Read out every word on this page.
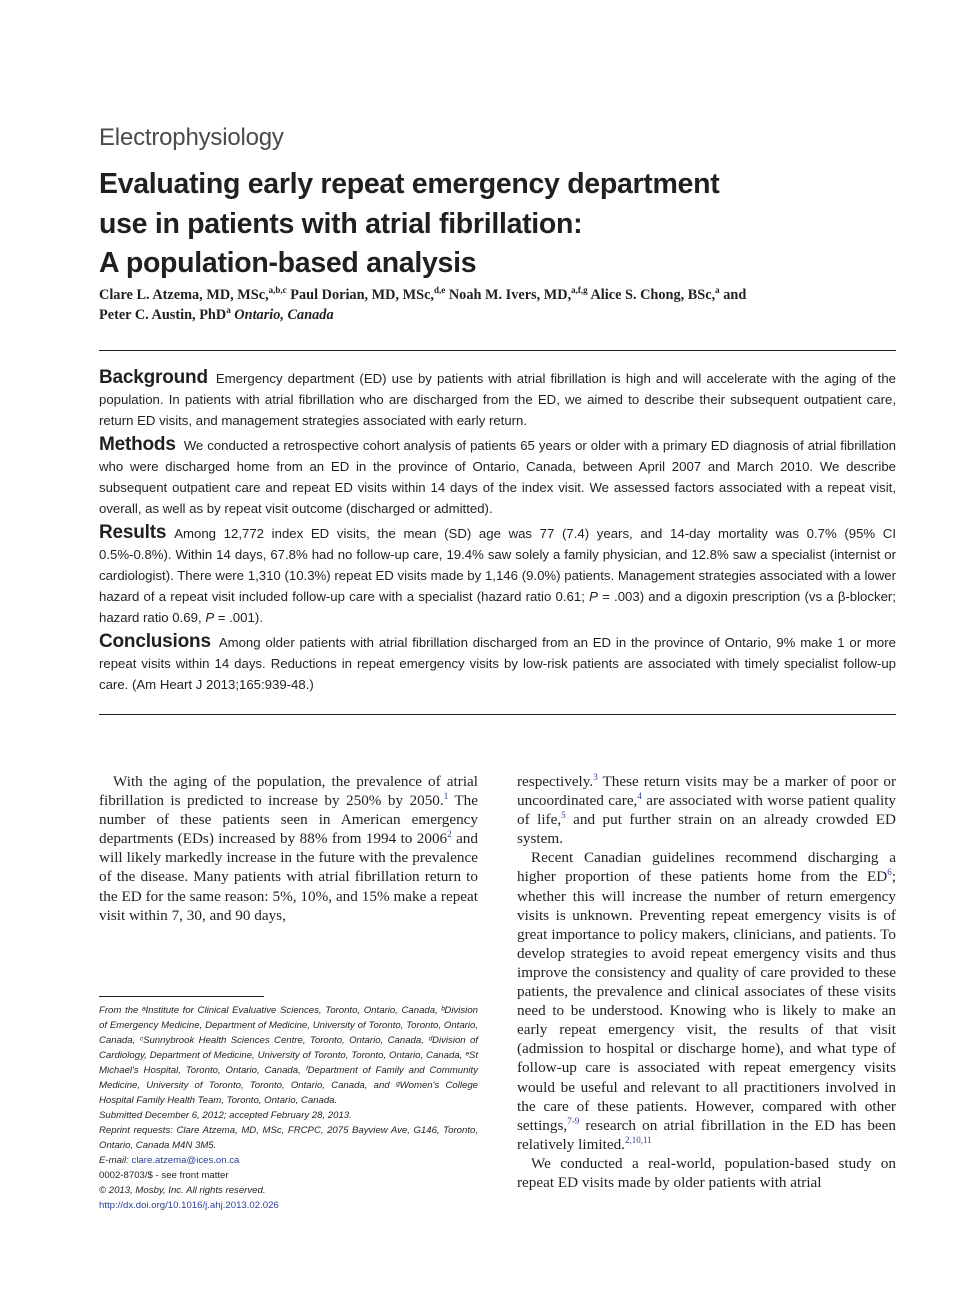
Electrophysiology
Evaluating early repeat emergency department
use in patients with atrial fibrillation:
A population-based analysis
Clare L. Atzema, MD, MSc,$^{a,b,c}$ Paul Dorian, MD, MSc,$^{d,e}$ Noah M. Ivers, MD,$^{a,f,g}$ Alice S. Chong, BSc,$^a$ and
Peter C. Austin, PhD$^a$ Ontario, Canada

Background Emergency department (ED) use by patients with atrial fibrillation is high and will accelerate with the aging of the population. In patients with atrial fibrillation who are discharged from the ED, we aimed to describe their subsequent outpatient care, return ED visits, and management strategies associated with early return.

Methods We conducted a retrospective cohort analysis of patients 65 years or older with a primary ED diagnosis of atrial fibrillation who were discharged home from an ED in the province of Ontario, Canada, between April 2007 and March 2010. We describe subsequent outpatient care and repeat ED visits within 14 days of the index visit. We assessed factors associated with a repeat visit, overall, as well as by repeat visit outcome (discharged or admitted).

Results Among 12,772 index ED visits, the mean (SD) age was 77 (7.4) years, and 14-day mortality was 0.7% (95% CI 0.5%-0.8%). Within 14 days, 67.8% had no follow-up care, 19.4% saw solely a family physician, and 12.8% saw a specialist (internist or cardiologist). There were 1,310 (10.3%) repeat ED visits made by 1,146 (9.0%) patients. Management strategies associated with a lower hazard of a repeat visit included follow-up care with a specialist (hazard ratio 0.61; P = .003) and a digoxin prescription (vs a β-blocker; hazard ratio 0.69, P = .001).

Conclusions Among older patients with atrial fibrillation discharged from an ED in the province of Ontario, 9% make 1 or more repeat visits within 14 days. Reductions in repeat emergency visits by low-risk patients are associated with timely specialist follow-up care. (Am Heart J 2013;165:939-48.)

With the aging of the population, the prevalence of atrial fibrillation is predicted to increase by 250% by 2050.$^1$ The number of these patients seen in American emergency departments (EDs) increased by 88% from 1994 to 2006$^2$ and will likely markedly increase in the future with the prevalence of the disease. Many patients with atrial fibrillation return to the ED for the same reason: 5%, 10%, and 15% make a repeat visit within 7, 30, and 90 days,

From the ᵃInstitute for Clinical Evaluative Sciences, Toronto, Ontario, Canada, ᵇDivision of Emergency Medicine, Department of Medicine, University of Toronto, Toronto, Ontario, Canada, ᶜSunnybrook Health Sciences Centre, Toronto, Ontario, Canada, ᵈDivision of Cardiology, Department of Medicine, University of Toronto, Toronto, Ontario, Canada, ᵉSt Michael's Hospital, Toronto, Ontario, Canada, ᶠDepartment of Family and Community Medicine, University of Toronto, Toronto, Ontario, Canada, and ᵍWomen's College Hospital Family Health Team, Toronto, Ontario, Canada.

Submitted December 6, 2012; accepted February 28, 2013.

Reprint requests: Clare Atzema, MD, MSc, FRCPC, 2075 Bayview Ave, G146, Toronto, Ontario, Canada M4N 3M5.

E-mail: clare.atzema@ices.on.ca

0002-8703/$ - see front matter

© 2013, Mosby, Inc. All rights reserved.

http://dx.doi.org/10.1016/j.ahj.2013.02.026

respectively.$^3$ These return visits may be a marker of poor or uncoordinated care,$^4$ are associated with worse patient quality of life,$^5$ and put further strain on an already crowded ED system.

Recent Canadian guidelines recommend discharging a higher proportion of these patients home from the $ED^6$; whether this will increase the number of return emergency visits is unknown. Preventing repeat emergency visits is of great importance to policy makers, clinicians, and patients. To develop strategies to avoid repeat emergency visits and thus improve the consistency and quality of care provided to these patients, the prevalence and clinical associates of these visits need to be understood. Knowing who is likely to make an early repeat emergency visit, the results of that visit (admission to hospital or discharge home), and what type of follow-up care is associated with repeat emergency visits would be useful and relevant to all practitioners involved in the care of these patients. However, compared with other settings,$^{7-9}$ research on atrial fibrillation in the ED has been relatively limited.$^{2,10,11}$

We conducted a real-world, population-based study on repeat ED visits made by older patients with atrial
